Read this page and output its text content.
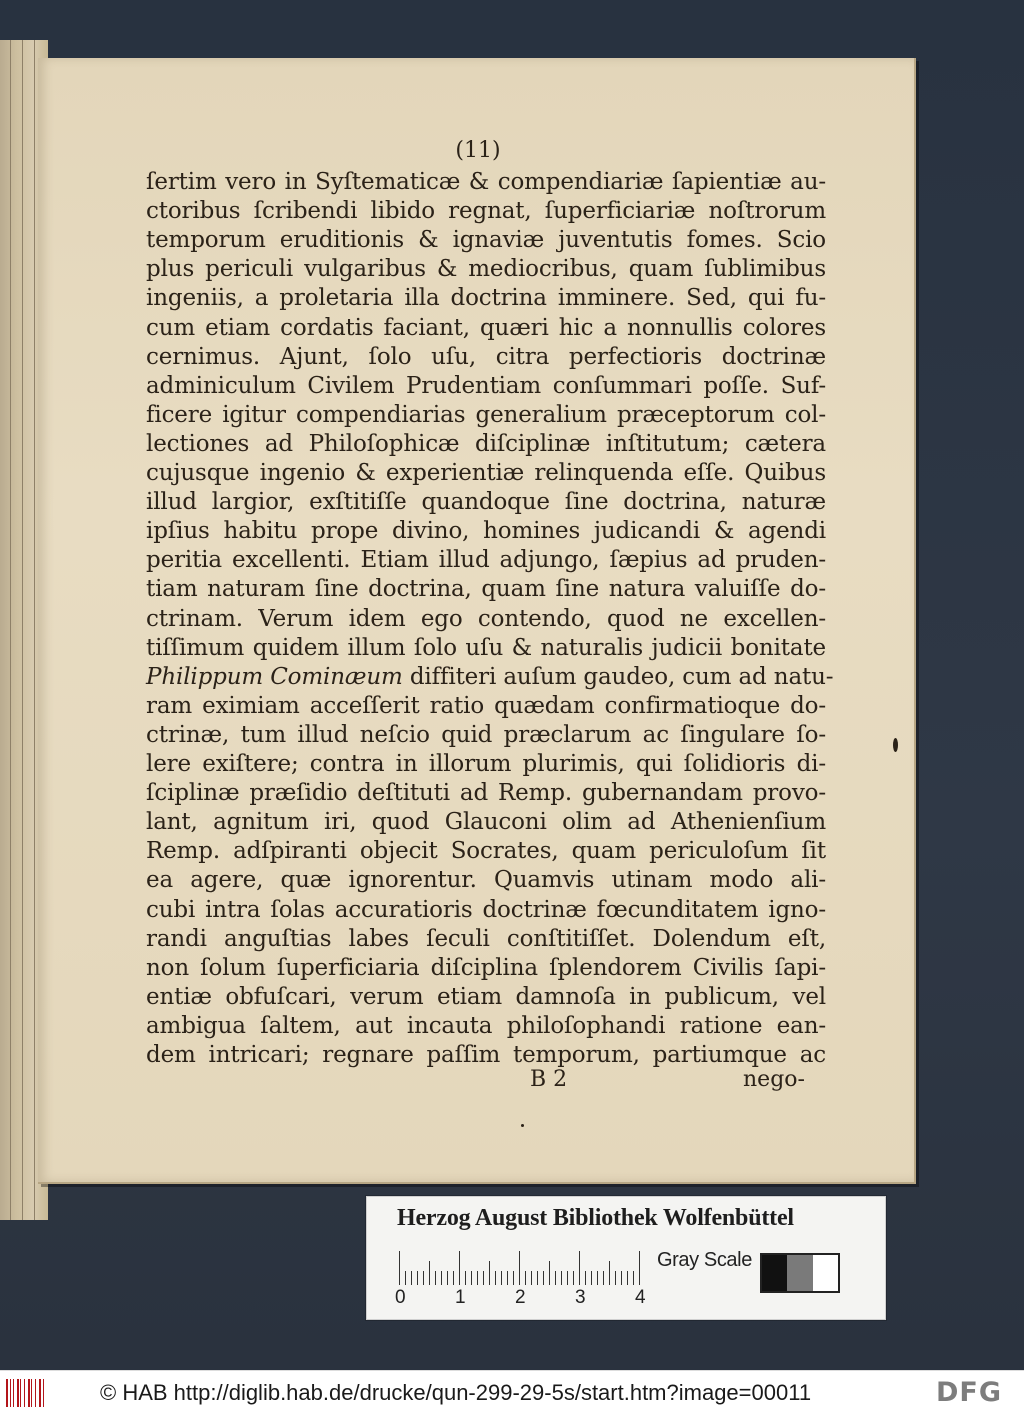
(11)
ſertim vero in Syſtematicæ & compendiariæ ſapientiæ au-
ctoribus ſcribendi libido regnat, ſuperficiariæ noſtrorum
temporum eruditionis & ignaviæ juventutis fomes. Scio
plus periculi vulgaribus & mediocribus, quam ſublimibus
ingeniis, a proletaria illa doctrina imminere. Sed, qui fu-
cum etiam cordatis faciant, quæri hic a nonnullis colores
cernimus. Ajunt, ſolo uſu, citra perfectioris doctrinæ
adminiculum Civilem Prudentiam conſummari poſſe. Suf-
ficere igitur compendiarias generalium præceptorum col-
lectiones ad Philoſophicæ diſciplinæ inſtitutum; cætera
cujusque ingenio & experientiæ relinquenda eſſe. Quibus
illud largior, exſtitiſſe quandoque ſine doctrina, naturæ
ipſius habitu prope divino, homines judicandi & agendi
peritia excellenti. Etiam illud adjungo, ſæpius ad pruden-
tiam naturam ſine doctrina, quam ſine natura valuiſſe do-
ctrinam. Verum idem ego contendo, quod ne excellen-
tiſſimum quidem illum ſolo uſu & naturalis judicii bonitate
Philippum Cominæum diffiteri auſum gaudeo, cum ad natu-
ram eximiam acceſſerit ratio quædam confirmatioque do-
ctrinæ, tum illud neſcio quid præclarum ac ſingulare ſo-
lere exiſtere; contra in illorum plurimis, qui ſolidioris di-
ſciplinæ præſidio deſtituti ad Remp. gubernandam provo-
lant, agnitum iri, quod Glauconi olim ad Athenienſium
Remp. adſpiranti objecit Socrates, quam periculoſum ſit
ea agere, quæ ignorentur. Quamvis utinam modo ali-
cubi intra ſolas accuratioris doctrinæ fœcunditatem igno-
randi anguſtias labes ſeculi conſtitiſſet. Dolendum eſt,
non ſolum ſuperficiaria diſciplina ſplendorem Civilis ſapi-
entiæ obfuſcari, verum etiam damnoſa in publicum, vel
ambigua ſaltem, aut incauta philoſophandi ratione ean-
dem intricari; regnare paſſim temporum, partiumque ac
B 2	nego-
Herzog August Bibliothek Wolfenbüttel
0	1	2	3	4
Gray Scale
© HAB http://diglib.hab.de/drucke/qun-299-29-5s/start.htm?image=00011	DFG
